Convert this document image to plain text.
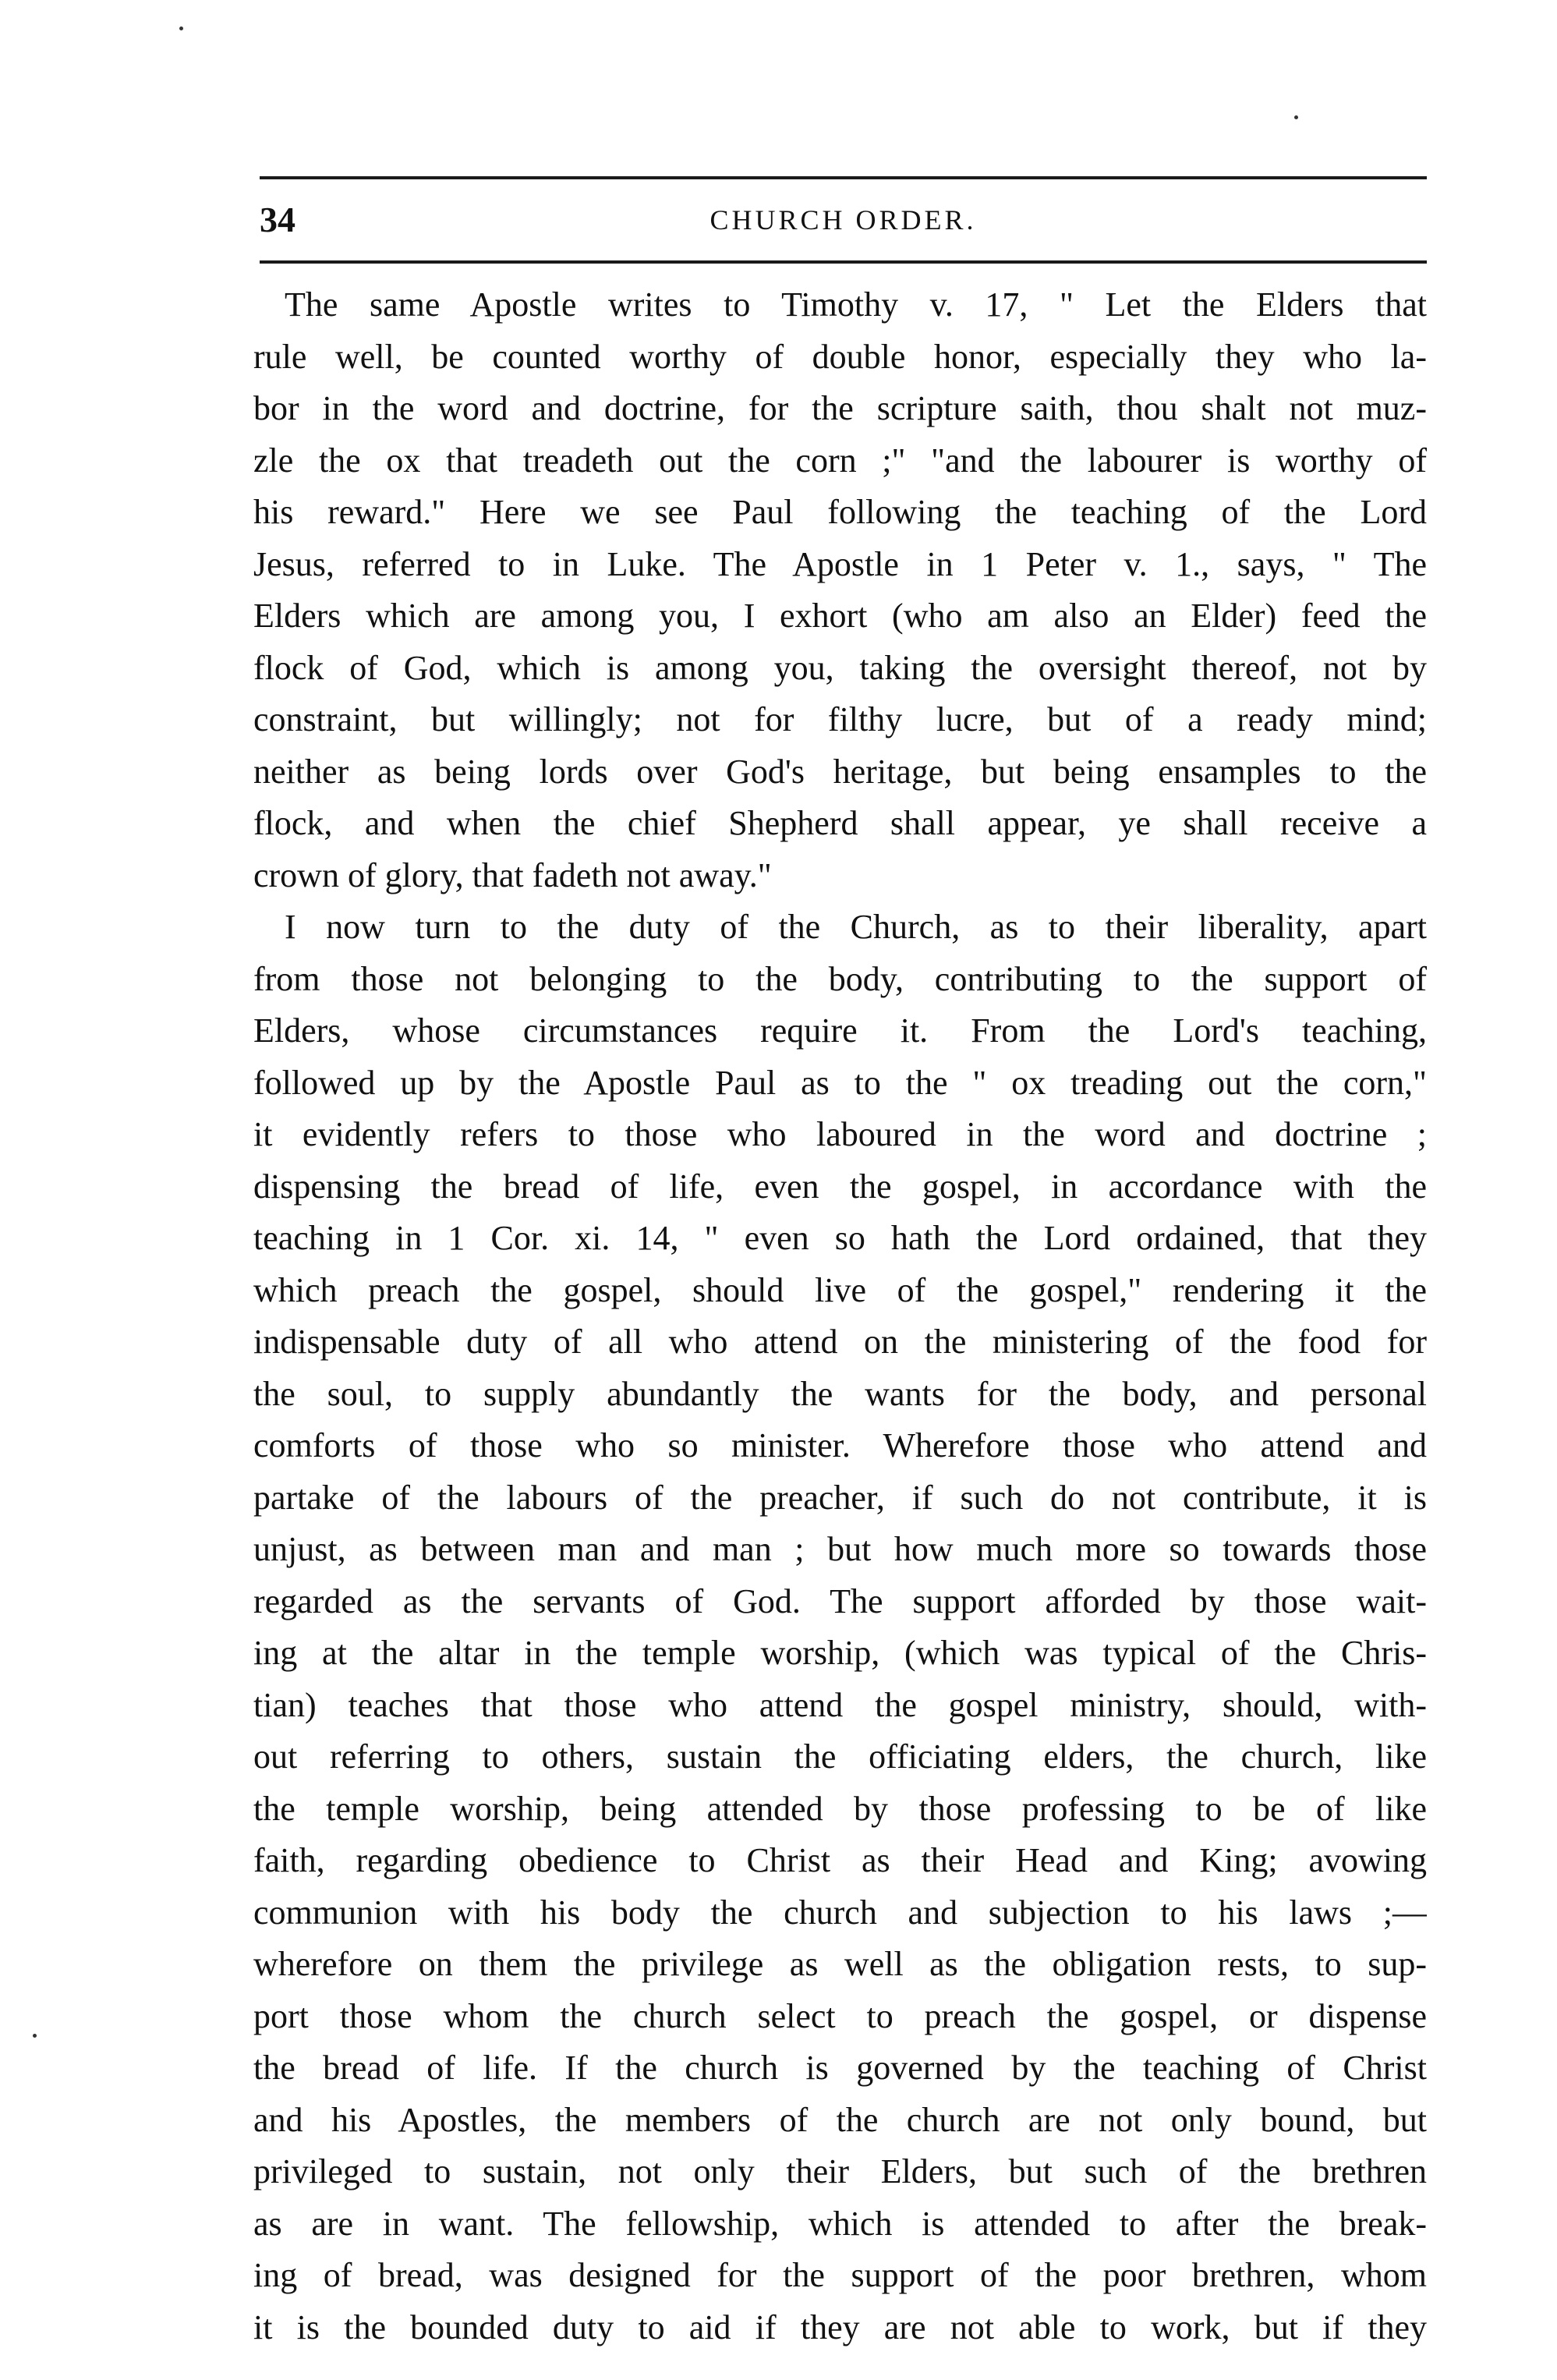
34	CHURCH ORDER.
The same Apostle writes to Timothy v. 17, " Let the Elders that
rule well, be counted worthy of double honor, especially they who la-
bor in the word and doctrine, for the scripture saith, thou shalt not muz-
zle the ox that treadeth out the corn ;" "and the labourer is worthy of
his reward." Here we see Paul following the teaching of the Lord
Jesus, referred to in Luke. The Apostle in 1 Peter v. 1., says, " The
Elders which are among you, I exhort (who am also an Elder) feed the
flock of God, which is among you, taking the oversight thereof, not by
constraint, but willingly; not for filthy lucre, but of a ready mind;
neither as being lords over God's heritage, but being ensamples to the
flock, and when the chief Shepherd shall appear, ye shall receive a
crown of glory, that fadeth not away."
I now turn to the duty of the Church, as to their liberality, apart
from those not belonging to the body, contributing to the support of
Elders, whose circumstances require it. From the Lord's teaching,
followed up by the Apostle Paul as to the " ox treading out the corn,"
it evidently refers to those who laboured in the word and doctrine ;
dispensing the bread of life, even the gospel, in accordance with the
teaching in 1 Cor. xi. 14, " even so hath the Lord ordained, that they
which preach the gospel, should live of the gospel," rendering it the
indispensable duty of all who attend on the ministering of the food for
the soul, to supply abundantly the wants for the body, and personal
comforts of those who so minister. Wherefore those who attend and
partake of the labours of the preacher, if such do not contribute, it is
unjust, as between man and man ; but how much more so towards those
regarded as the servants of God. The support afforded by those wait-
ing at the altar in the temple worship, (which was typical of the Chris-
tian) teaches that those who attend the gospel ministry, should, with-
out referring to others, sustain the officiating elders, the church, like
the temple worship, being attended by those professing to be of like
faith, regarding obedience to Christ as their Head and King; avowing
communion with his body the church and subjection to his laws ;—
wherefore on them the privilege as well as the obligation rests, to sup-
port those whom the church select to preach the gospel, or dispense
the bread of life. If the church is governed by the teaching of Christ
and his Apostles, the members of the church are not only bound, but
privileged to sustain, not only their Elders, but such of the brethren
as are in want. The fellowship, which is attended to after the break-
ing of bread, was designed for the support of the poor brethren, whom
it is the bounded duty to aid if they are not able to work, but if they
